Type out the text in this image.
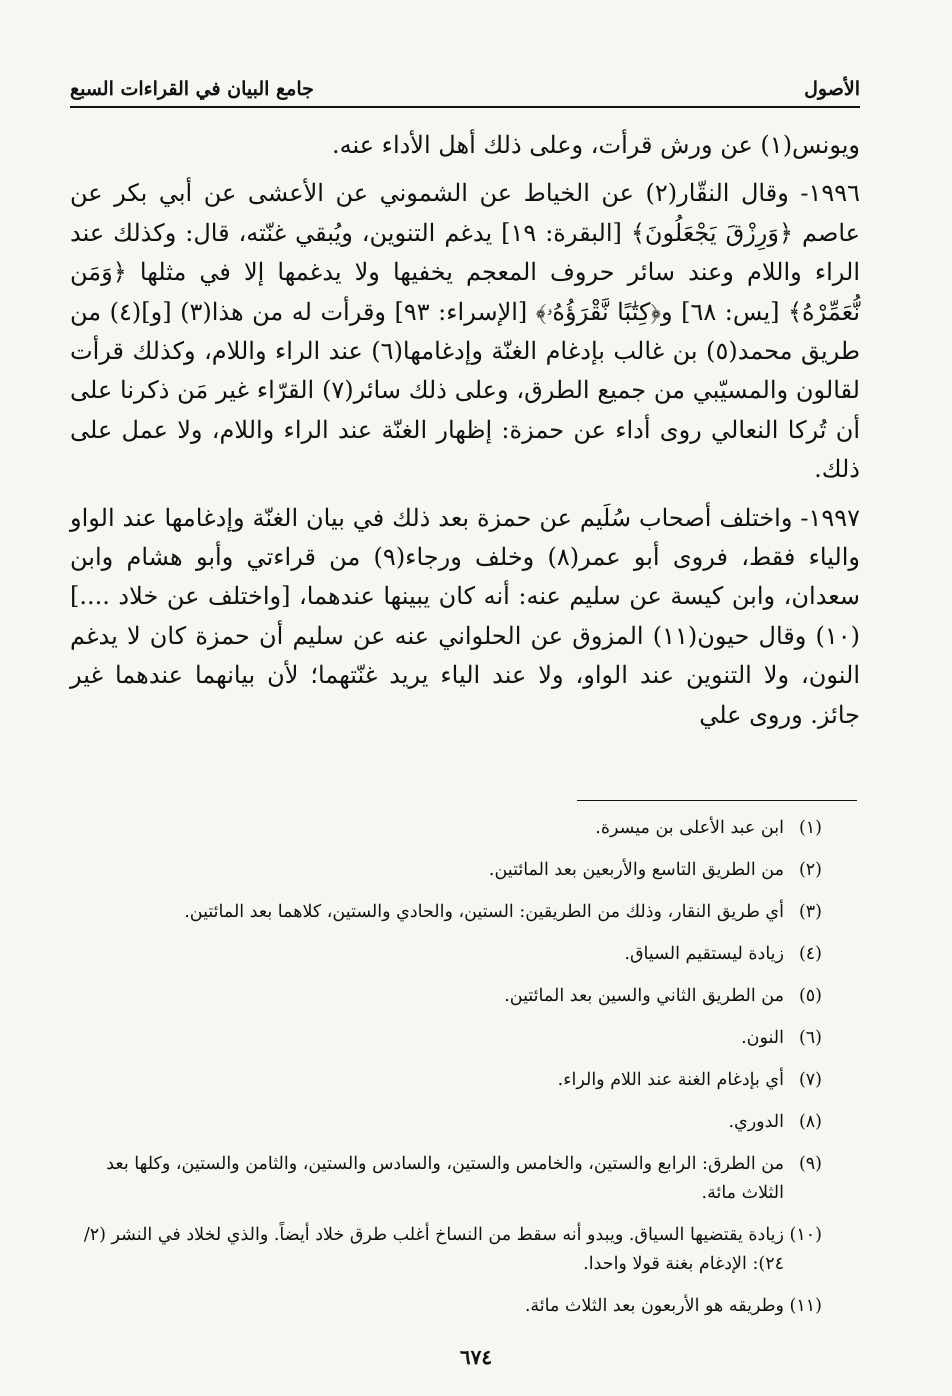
جامع البيان في القراءات السبع	الأصول

ويونس(١) عن ورش قرأت، وعلى ذلك أهل الأداء عنه.

١٩٩٦- وقال النقّار(٢) عن الخياط عن الشموني عن الأعشى عن أبي بكر عن عاصم ﴿وَرِزْقَ يَجْعَلُونَ﴾ [البقرة: ١٩] يدغم التنوين، ويُبقي غنّته، قال: وكذلك عند الراء واللام وعند سائر حروف المعجم يخفيها ولا يدغمها إلا في مثلها ﴿وَمَن نُّعَمِّرْهُ﴾ [يس: ٦٨] و﴿كِتَٰبًا نَّقْرَؤُهُۥ﴾ [الإسراء: ٩٣] وقرأت له من هذا(٣) [و](٤) من طريق محمد(٥) بن غالب بإدغام الغنّة وإدغامها(٦) عند الراء واللام، وكذلك قرأت لقالون والمسيّبي من جميع الطرق، وعلى ذلك سائر(٧) القرّاء غير مَن ذكرنا على أن تُركا النعالي روى أداء عن حمزة: إظهار الغنّة عند الراء واللام، ولا عمل على ذلك.

١٩٩٧- واختلف أصحاب سُلَيم عن حمزة بعد ذلك في بيان الغنّة وإدغامها عند الواو والياء فقط، فروى أبو عمر(٨) وخلف ورجاء(٩) من قراءتي وأبو هشام وابن سعدان، وابن كيسة عن سليم عنه: أنه كان يبينها عندهما، [واختلف عن خلاد ....](١٠) وقال حيون(١١) المزوق عن الحلواني عنه عن سليم أن حمزة كان لا يدغم النون، ولا التنوين عند الواو، ولا عند الياء يريد غنّتهما؛ لأن بيانهما عندهما غير جائز. وروى علي

(١)ابن عبد الأعلى بن ميسرة.
(٢)من الطريق التاسع والأربعين بعد المائتين.
(٣)أي طريق النقار، وذلك من الطريقين: الستين، والحادي والستين، كلاهما بعد المائتين.
(٤)زيادة ليستقيم السياق.
(٥)من الطريق الثاني والسين بعد المائتين.
(٦)النون.
(٧)أي بإدغام الغنة عند اللام والراء.
(٨)الدوري.
(٩)من الطرق: الرابع والستين، والخامس والستين، والسادس والستين، والثامن والستين، وكلها بعد الثلاث مائة.
(١٠)زيادة يقتضيها السياق. ويبدو أنه سقط من النساخ أغلب طرق خلاد أيضاً. والذي لخلاد في النشر (٢/ ٢٤): الإدغام بغنة قولا واحدا.
(١١)وطريقه هو الأربعون بعد الثلاث مائة.
٦٧٤
